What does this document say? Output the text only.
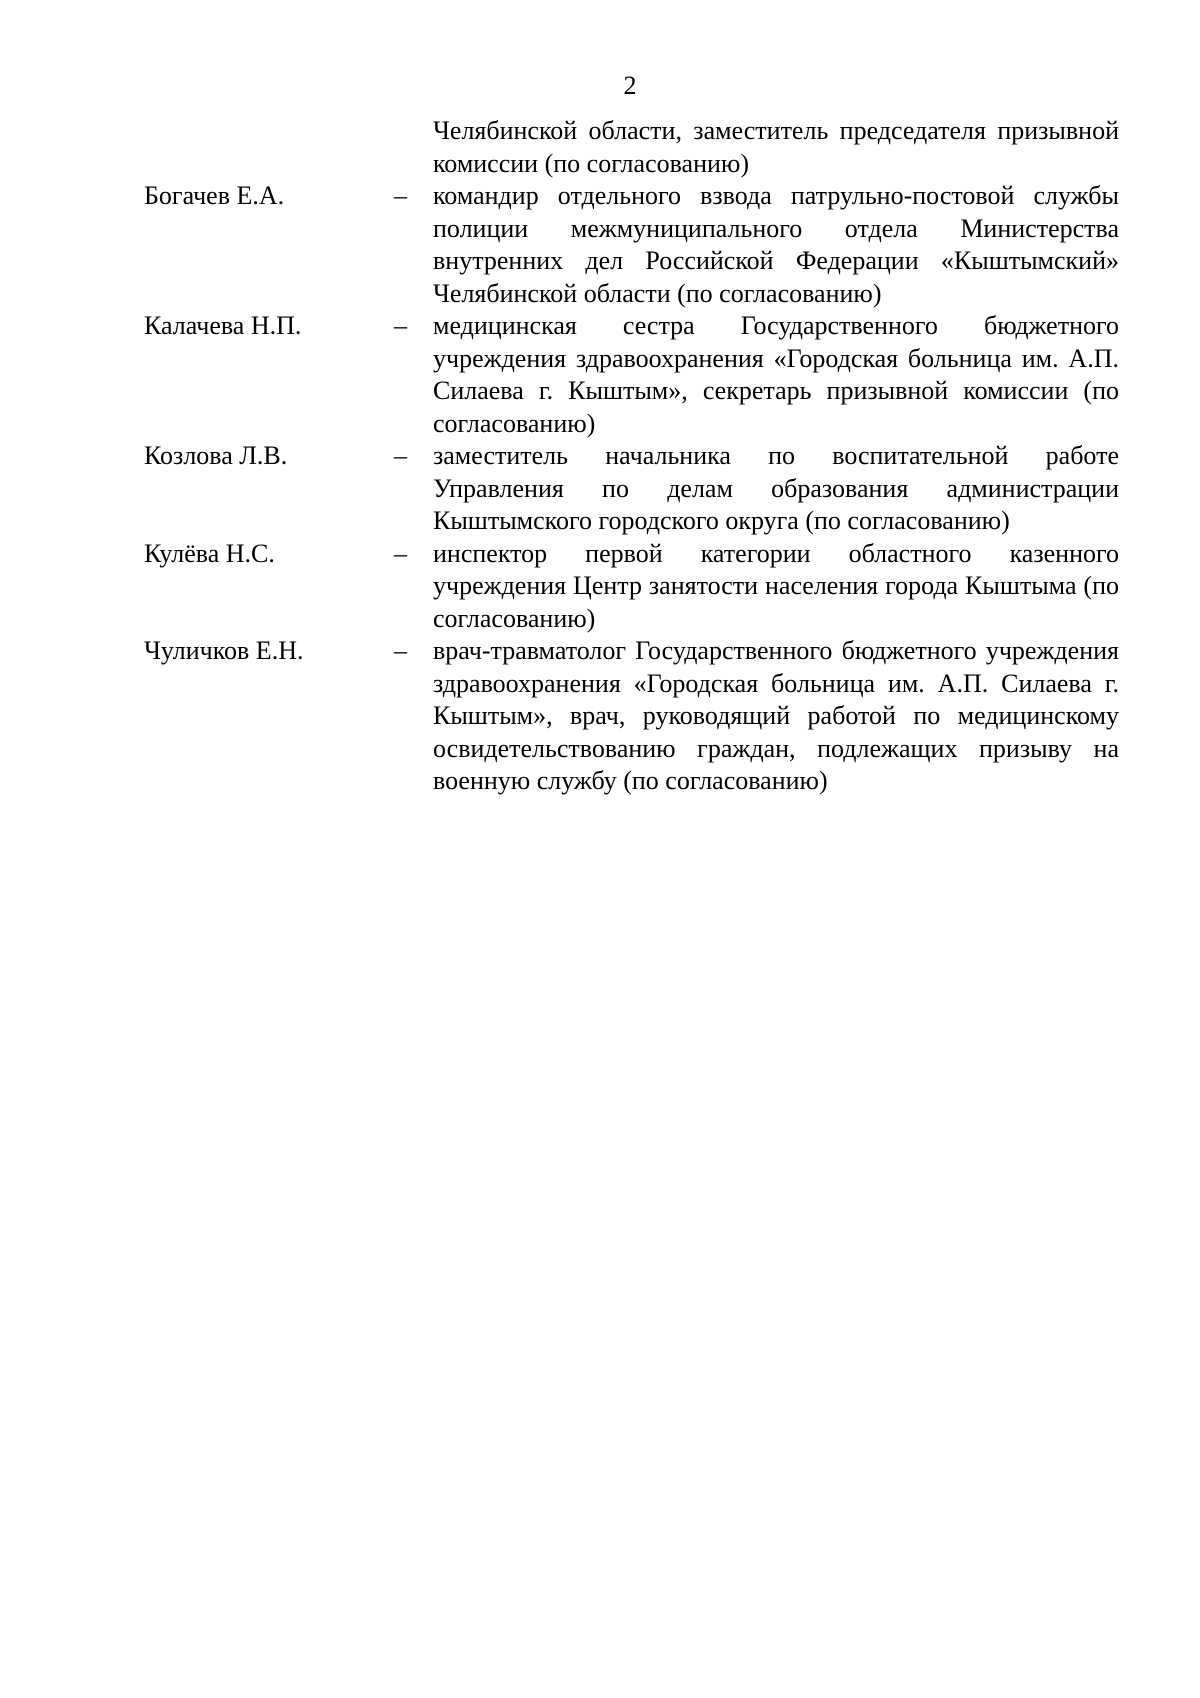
2
Челябинской области, заместитель председателя призывной комиссии (по согласованию)
Богачев Е.А.	–	командир отдельного взвода патрульно-постовой службы полиции межмуниципального отдела Министерства внутренних дел Российской Федерации «Кыштымский» Челябинской области (по согласованию)
Калачева Н.П.	–	медицинская сестра Государственного бюджетного учреждения здравоохранения «Городская больница им. А.П. Силаева г. Кыштым», секретарь призывной комиссии (по согласованию)
Козлова Л.В.	–	заместитель начальника по воспитательной работе Управления по делам образования администрации Кыштымского городского округа (по согласованию)
Кулёва Н.С.	–	инспектор первой категории областного казенного учреждения Центр занятости населения города Кыштыма (по согласованию)
Чуличков Е.Н.	–	врач-травматолог Государственного бюджетного учреждения здравоохранения «Городская больница им. А.П. Силаева г. Кыштым», врач, руководящий работой по медицинскому освидетельствованию граждан, подлежащих призыву на военную службу (по согласованию)
